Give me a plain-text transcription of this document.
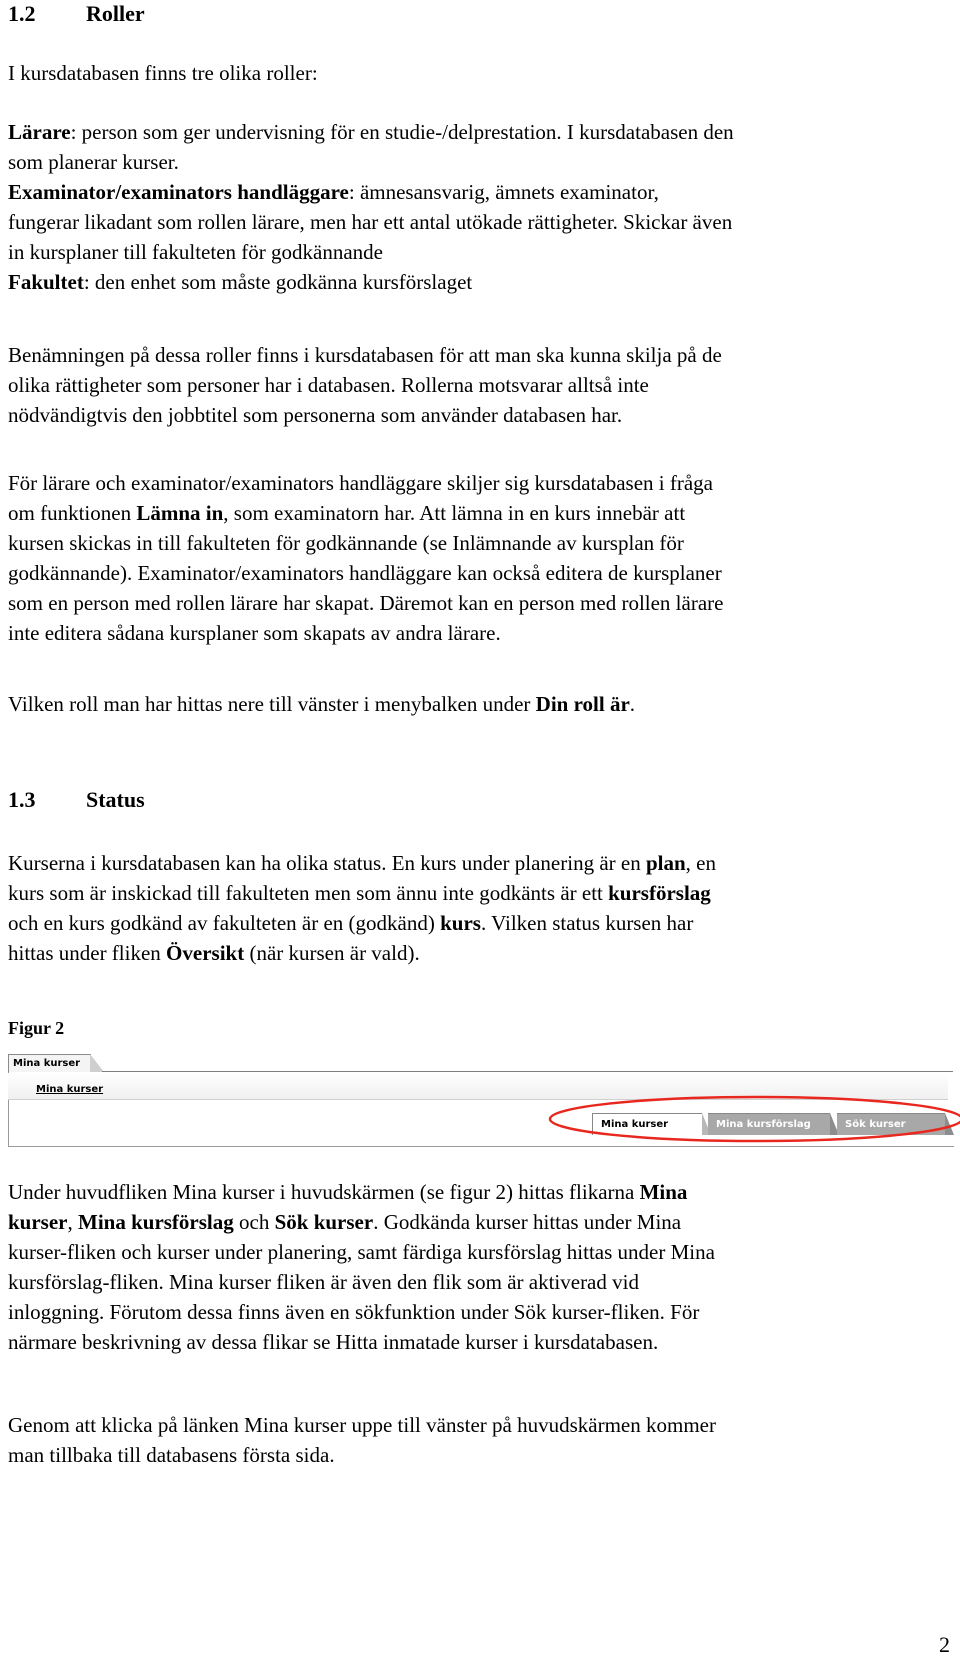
1.2 Roller

I kursdatabasen finns tre olika roller:

Lärare: person som ger undervisning för en studie-/delprestation. I kursdatabasen den
som planerar kurser.
Examinator/examinators handläggare: ämnesansvarig, ämnets examinator,
fungerar likadant som rollen lärare, men har ett antal utökade rättigheter. Skickar även
in kursplaner till fakulteten för godkännande
Fakultet: den enhet som måste godkänna kursförslaget

Benämningen på dessa roller finns i kursdatabasen för att man ska kunna skilja på de
olika rättigheter som personer har i databasen. Rollerna motsvarar alltså inte
nödvändigtvis den jobbtitel som personerna som använder databasen har.

För lärare och examinator/examinators handläggare skiljer sig kursdatabasen i fråga
om funktionen Lämna in, som examinatorn har. Att lämna in en kurs innebär att
kursen skickas in till fakulteten för godkännande (se Inlämnande av kursplan för
godkännande). Examinator/examinators handläggare kan också editera de kursplaner
som en person med rollen lärare har skapat. Däremot kan en person med rollen lärare
inte editera sådana kursplaner som skapats av andra lärare.

Vilken roll man har hittas nere till vänster i menybalken under Din roll är.

1.3 Status

Kurserna i kursdatabasen kan ha olika status. En kurs under planering är en plan, en
kurs som är inskickad till fakulteten men som ännu inte godkänts är ett kursförslag
och en kurs godkänd av fakulteten är en (godkänd) kurs. Vilken status kursen har
hittas under fliken Översikt (när kursen är vald).

Figur 2

Mina kurser
Mina kurser
Mina kurser	Mina kursförslag	Sök kurser

Under huvudfliken Mina kurser i huvudskärmen (se figur 2) hittas flikarna Mina
kurser, Mina kursförslag och Sök kurser. Godkända kurser hittas under Mina
kurser-fliken och kurser under planering, samt färdiga kursförslag hittas under Mina
kursförslag-fliken. Mina kurser fliken är även den flik som är aktiverad vid
inloggning. Förutom dessa finns även en sökfunktion under Sök kurser-fliken. För
närmare beskrivning av dessa flikar se Hitta inmatade kurser i kursdatabasen.

Genom att klicka på länken Mina kurser uppe till vänster på huvudskärmen kommer
man tillbaka till databasens första sida.

2
